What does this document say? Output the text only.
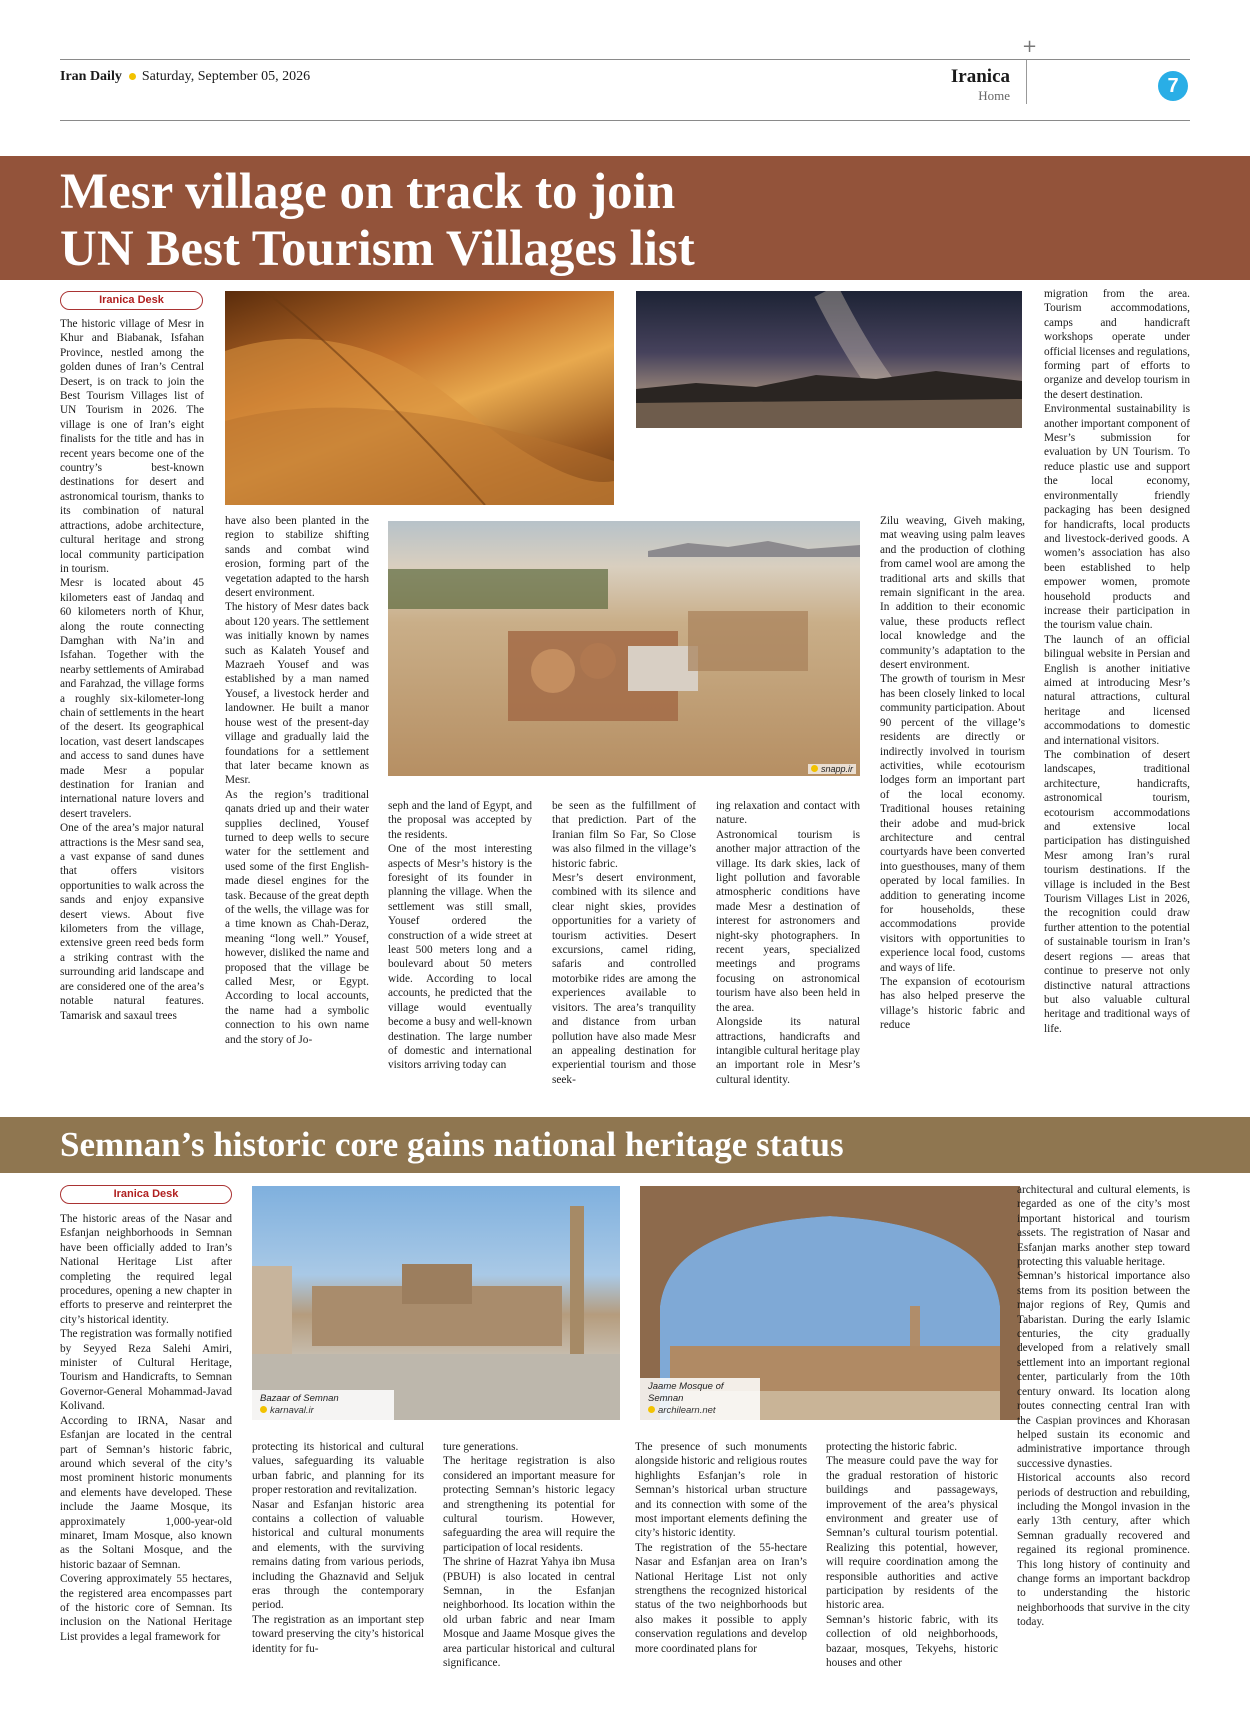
+
Iran Daily Saturday, September 05, 2026	Iranica
Home	7
Mesr village on track to join
UN Best Tourism Villages list
Iranica Desk
snapp.ir
The historic village of Mesr in Khur and Biabanak, Isfahan Province, nestled among the golden dunes of Iran’s Central Desert, is on track to join the Best Tourism Villages list of UN Tourism in 2026. The village is one of Iran’s eight finalists for the title and has in recent years become one of the country’s best-known destinations for desert and astronomical tourism, thanks to its combination of natural attractions, adobe architecture, cultural heritage and strong local community participation in tourism.
Mesr is located about 45 kilometers east of Jandaq and 60 kilometers north of Khur, along the route connecting Damghan with Na’in and Isfahan. Together with the nearby settlements of Amirabad and Farahzad, the village forms a roughly six-kilometer-long chain of settlements in the heart of the desert. Its geographical location, vast desert landscapes and access to sand dunes have made Mesr a popular destination for Iranian and international nature lovers and desert travelers.
One of the area’s major natural attractions is the Mesr sand sea, a vast expanse of sand dunes that offers visitors opportunities to walk across the sands and enjoy expansive desert views. About five kilometers from the village, extensive green reed beds form a striking contrast with the surrounding arid landscape and are considered one of the area’s notable natural features. Tamarisk and saxaul trees
have also been planted in the region to stabilize shifting sands and combat wind erosion, forming part of the vegetation adapted to the harsh desert environment.
The history of Mesr dates back about 120 years. The settlement was initially known by names such as Kalateh Yousef and Mazraeh Yousef and was established by a man named Yousef, a livestock herder and landowner. He built a manor house west of the present-day village and gradually laid the foundations for a settlement that later became known as Mesr.
As the region’s traditional qanats dried up and their water supplies declined, Yousef turned to deep wells to secure water for the settlement and used some of the first English-made diesel engines for the task. Because of the great depth of the wells, the village was for a time known as Chah-Deraz, meaning “long well.” Yousef, however, disliked the name and proposed that the village be called Mesr, or Egypt. According to local accounts, the name had a symbolic connection to his own name and the story of Jo-
seph and the land of Egypt, and the proposal was accepted by the residents.
One of the most interesting aspects of Mesr’s history is the foresight of its founder in planning the village. When the settlement was still small, Yousef ordered the construction of a wide street at least 500 meters long and a boulevard about 50 meters wide. According to local accounts, he predicted that the village would eventually become a busy and well-known destination. The large number of domestic and international visitors arriving today can
be seen as the fulfillment of that prediction. Part of the Iranian film So Far, So Close was also filmed in the village’s historic fabric.
Mesr’s desert environment, combined with its silence and clear night skies, provides opportunities for a variety of tourism activities. Desert excursions, camel riding, safaris and controlled motorbike rides are among the experiences available to visitors. The area’s tranquility and distance from urban pollution have also made Mesr an appealing destination for experiential tourism and those seek-
ing relaxation and contact with nature.
Astronomical tourism is another major attraction of the village. Its dark skies, lack of light pollution and favorable atmospheric conditions have made Mesr a destination of interest for astronomers and night-sky photographers. In recent years, specialized meetings and programs focusing on astronomical tourism have also been held in the area.
Alongside its natural attractions, handicrafts and intangible cultural heritage play an important role in Mesr’s cultural identity.
Zilu weaving, Giveh making, mat weaving using palm leaves and the production of clothing from camel wool are among the traditional arts and skills that remain significant in the area. In addition to their economic value, these products reflect local knowledge and the community’s adaptation to the desert environment.
The growth of tourism in Mesr has been closely linked to local community participation. About 90 percent of the village’s residents are directly or indirectly involved in tourism activities, while ecotourism lodges form an important part of the local economy. Traditional houses retaining their adobe and mud-brick architecture and central courtyards have been converted into guesthouses, many of them operated by local families. In addition to generating income for households, these accommodations provide visitors with opportunities to experience local food, customs and ways of life.
The expansion of ecotourism has also helped preserve the village’s historic fabric and reduce
migration from the area. Tourism accommodations, camps and handicraft workshops operate under official licenses and regulations, forming part of efforts to organize and develop tourism in the desert destination.
Environmental sustainability is another important component of Mesr’s submission for evaluation by UN Tourism. To reduce plastic use and support the local economy, environmentally friendly packaging has been designed for handicrafts, local products and livestock-derived goods. A women’s association has also been established to help empower women, promote household products and increase their participation in the tourism value chain.
The launch of an official bilingual website in Persian and English is another initiative aimed at introducing Mesr’s natural attractions, cultural heritage and licensed accommodations to domestic and international visitors.
The combination of desert landscapes, traditional architecture, handicrafts, astronomical tourism, ecotourism accommodations and extensive local participation has distinguished Mesr among Iran’s rural tourism destinations. If the village is included in the Best Tourism Villages List in 2026, the recognition could draw further attention to the potential of sustainable tourism in Iran’s desert regions — areas that continue to preserve not only distinctive natural attractions but also valuable cultural heritage and traditional ways of life.
Semnan’s historic core gains national heritage status
Iranica Desk
Bazaar of Semnan
karnaval.ir
Jaame Mosque of Semnan
archilearn.net
The historic areas of the Nasar and Esfanjan neighborhoods in Semnan have been officially added to Iran’s National Heritage List after completing the required legal procedures, opening a new chapter in efforts to preserve and reinterpret the city’s historical identity.
The registration was formally notified by Seyyed Reza Salehi Amiri, minister of Cultural Heritage, Tourism and Handicrafts, to Semnan Governor-General Mohammad-Javad Kolivand.
According to IRNA, Nasar and Esfanjan are located in the central part of Semnan’s historic fabric, around which several of the city’s most prominent historic monuments and elements have developed. These include the Jaame Mosque, its approximately 1,000-year-old minaret, Imam Mosque, also known as the Soltani Mosque, and the historic bazaar of Semnan.
Covering approximately 55 hectares, the registered area encompasses part of the historic core of Semnan. Its inclusion on the National Heritage List provides a legal framework for
protecting its historical and cultural values, safeguarding its valuable urban fabric, and planning for its proper restoration and revitalization.
Nasar and Esfanjan historic area contains a collection of valuable historical and cultural monuments and elements, with the surviving remains dating from various periods, including the Ghaznavid and Seljuk eras through the contemporary period.
The registration as an important step toward preserving the city’s historical identity for fu-
ture generations.
The heritage registration is also considered an important measure for protecting Semnan’s historic legacy and strengthening its potential for cultural tourism. However, safeguarding the area will require the participation of local residents.
The shrine of Hazrat Yahya ibn Musa (PBUH) is also located in central Semnan, in the Esfanjan neighborhood. Its location within the old urban fabric and near Imam Mosque and Jaame Mosque gives the area particular historical and cultural significance.
The presence of such monuments alongside historic and religious routes highlights Esfanjan’s role in Semnan’s historical urban structure and its connection with some of the most important elements defining the city’s historic identity.
The registration of the 55-hectare Nasar and Esfanjan area on Iran’s National Heritage List not only strengthens the recognized historical status of the two neighborhoods but also makes it possible to apply conservation regulations and develop more coordinated plans for
protecting the historic fabric.
The measure could pave the way for the gradual restoration of historic buildings and passageways, improvement of the area’s physical environment and greater use of Semnan’s cultural tourism potential. Realizing this potential, however, will require coordination among the responsible authorities and active participation by residents of the historic area.
Semnan’s historic fabric, with its collection of old neighborhoods, bazaar, mosques, Tekyehs, historic houses and other
architectural and cultural elements, is regarded as one of the city’s most important historical and tourism assets. The registration of Nasar and Esfanjan marks another step toward protecting this valuable heritage.
Semnan’s historical importance also stems from its position between the major regions of Rey, Qumis and Tabaristan. During the early Islamic centuries, the city gradually developed from a relatively small settlement into an important regional center, particularly from the 10th century onward. Its location along routes connecting central Iran with the Caspian provinces and Khorasan helped sustain its economic and administrative importance through successive dynasties.
Historical accounts also record periods of destruction and rebuilding, including the Mongol invasion in the early 13th century, after which Semnan gradually recovered and regained its regional prominence. This long history of continuity and change forms an important backdrop to understanding the historic neighborhoods that survive in the city today.
